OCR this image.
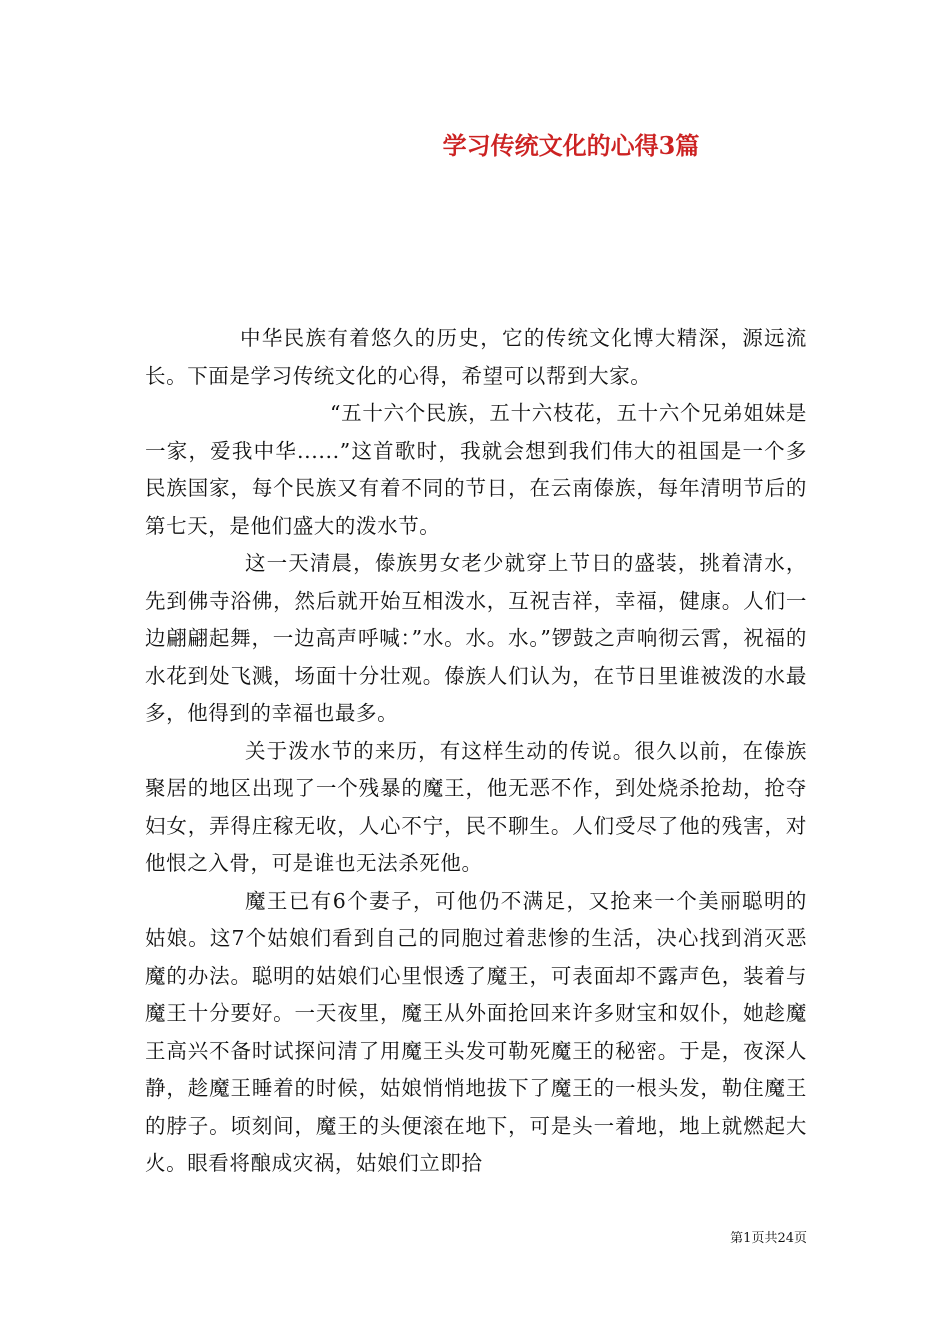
学习传统文化的心得3篇

中华民族有着悠久的历史，它的传统文化博大精深，源远流长。下面是学习传统文化的心得，希望可以帮到大家。

“五十六个民族，五十六枝花，五十六个兄弟姐妹是一家，爱我中华......”这首歌时，我就会想到我们伟大的祖国是一个多民族国家，每个民族又有着不同的节日，在云南傣族，每年清明节后的第七天，是他们盛大的泼水节。

这一天清晨，傣族男女老少就穿上节日的盛装，挑着清水，先到佛寺浴佛，然后就开始互相泼水，互祝吉祥，幸福，健康。人们一边翩翩起舞，一边高声呼喊：”水。水。水。”锣鼓之声响彻云霄，祝福的水花到处飞溅，场面十分壮观。傣族人们认为，在节日里谁被泼的水最多，他得到的幸福也最多。

关于泼水节的来历，有这样生动的传说。很久以前，在傣族聚居的地区出现了一个残暴的魔王，他无恶不作，到处烧杀抢劫，抢夺妇女，弄得庄稼无收，人心不宁，民不聊生。人们受尽了他的残害，对他恨之入骨，可是谁也无法杀死他。

魔王已有6个妻子，可他仍不满足，又抢来一个美丽聪明的姑娘。这7个姑娘们看到自己的同胞过着悲惨的生活，决心找到消灭恶魔的办法。聪明的姑娘们心里恨透了魔王，可表面却不露声色，装着与魔王十分要好。一天夜里，魔王从外面抢回来许多财宝和奴仆，她趁魔王高兴不备时试探问清了用魔王头发可勒死魔王的秘密。于是，夜深人静，趁魔王睡着的时候，姑娘悄悄地拔下了魔王的一根头发，勒住魔王的脖子。顷刻间，魔王的头便滚在地下，可是头一着地，地上就燃起大火。眼看将酿成灾祸，姑娘们立即拾

第1页共24页
